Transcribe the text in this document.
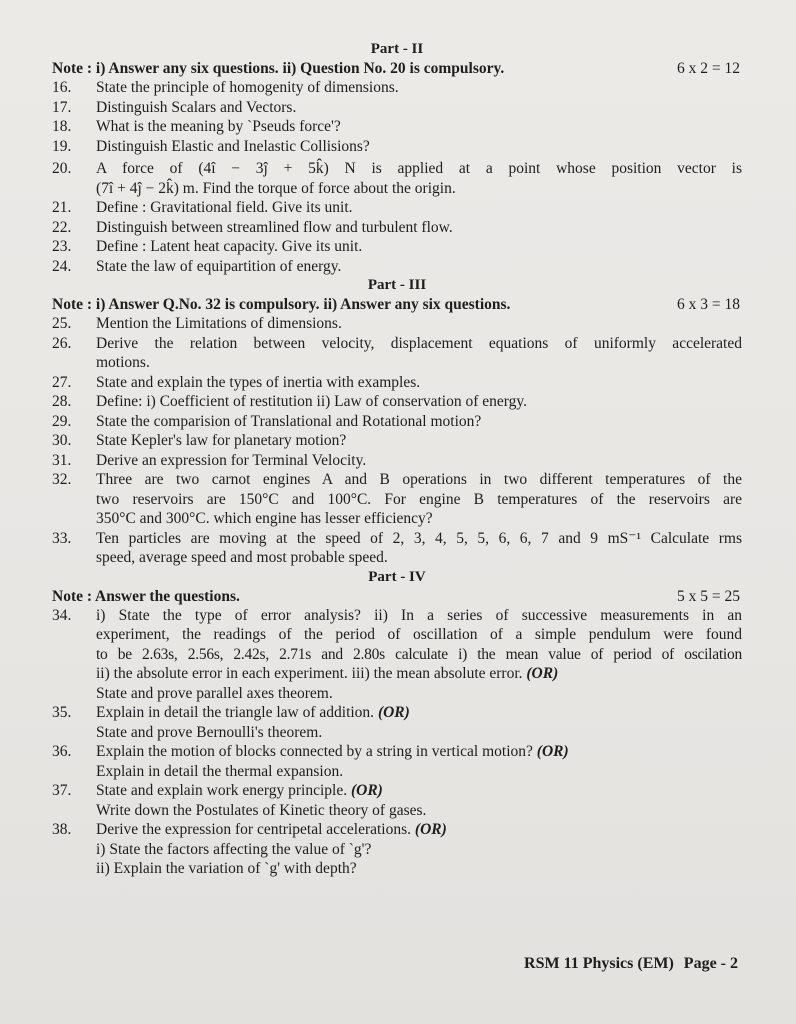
Part - II

Note : i) Answer any six questions. ii) Question No. 20 is compulsory.	6 x 2 = 12

16.	State the principle of homogenity of dimensions.
17.	Distinguish Scalars and Vectors.
18.	What is the meaning by `Pseuds force'?
19.	Distinguish Elastic and Inelastic Collisions?
20.	A force of (4î − 3ĵ + 5k̂) N is applied at a point whose position vector is
(7î + 4ĵ − 2k̂) m. Find the torque of force about the origin.
21.	Define : Gravitational field. Give its unit.
22.	Distinguish between streamlined flow and turbulent flow.
23.	Define : Latent heat capacity. Give its unit.
24.	State the law of equipartition of energy.

Part - III

Note : i) Answer Q.No. 32 is compulsory. ii) Answer any six questions.	6 x 3 = 18

25.	Mention the Limitations of dimensions.
26.	Derive the relation between velocity, displacement equations of uniformly accelerated
motions.
27.	State and explain the types of inertia with examples.
28.	Define: i) Coefficient of restitution ii) Law of conservation of energy.
29.	State the comparision of Translational and Rotational motion?
30.	State Kepler's law for planetary motion?
31.	Derive an expression for Terminal Velocity.
32.	Three are two carnot engines A and B operations in two different temperatures of the
two reservoirs are 150°C and 100°C. For engine B temperatures of the reservoirs are
350°C and 300°C. which engine has lesser efficiency?
33.	Ten particles are moving at the speed of 2, 3, 4, 5, 5, 6, 6, 7 and 9 mS⁻¹ Calculate rms
speed, average speed and most probable speed.

Part - IV

Note : Answer the questions.	5 x 5 = 25

34.	i) State the type of error analysis? ii) In a series of successive measurements in an
experiment, the readings of the period of oscillation of a simple pendulum were found
to be 2.63s, 2.56s, 2.42s, 2.71s and 2.80s calculate i) the mean value of period of oscilation
ii) the absolute error in each experiment. iii) the mean absolute error. (OR)
State and prove parallel axes theorem.
35.	Explain in detail the triangle law of addition. (OR)
State and prove Bernoulli's theorem.
36.	Explain the motion of blocks connected by a string in vertical motion? (OR)
Explain in detail the thermal expansion.
37.	State and explain work energy principle. (OR)
Write down the Postulates of Kinetic theory of gases.
38.	Derive the expression for centripetal accelerations. (OR)
i) State the factors affecting the value of `g'?
ii) Explain the variation of `g' with depth?
RSM 11 Physics (EM) Page - 2
